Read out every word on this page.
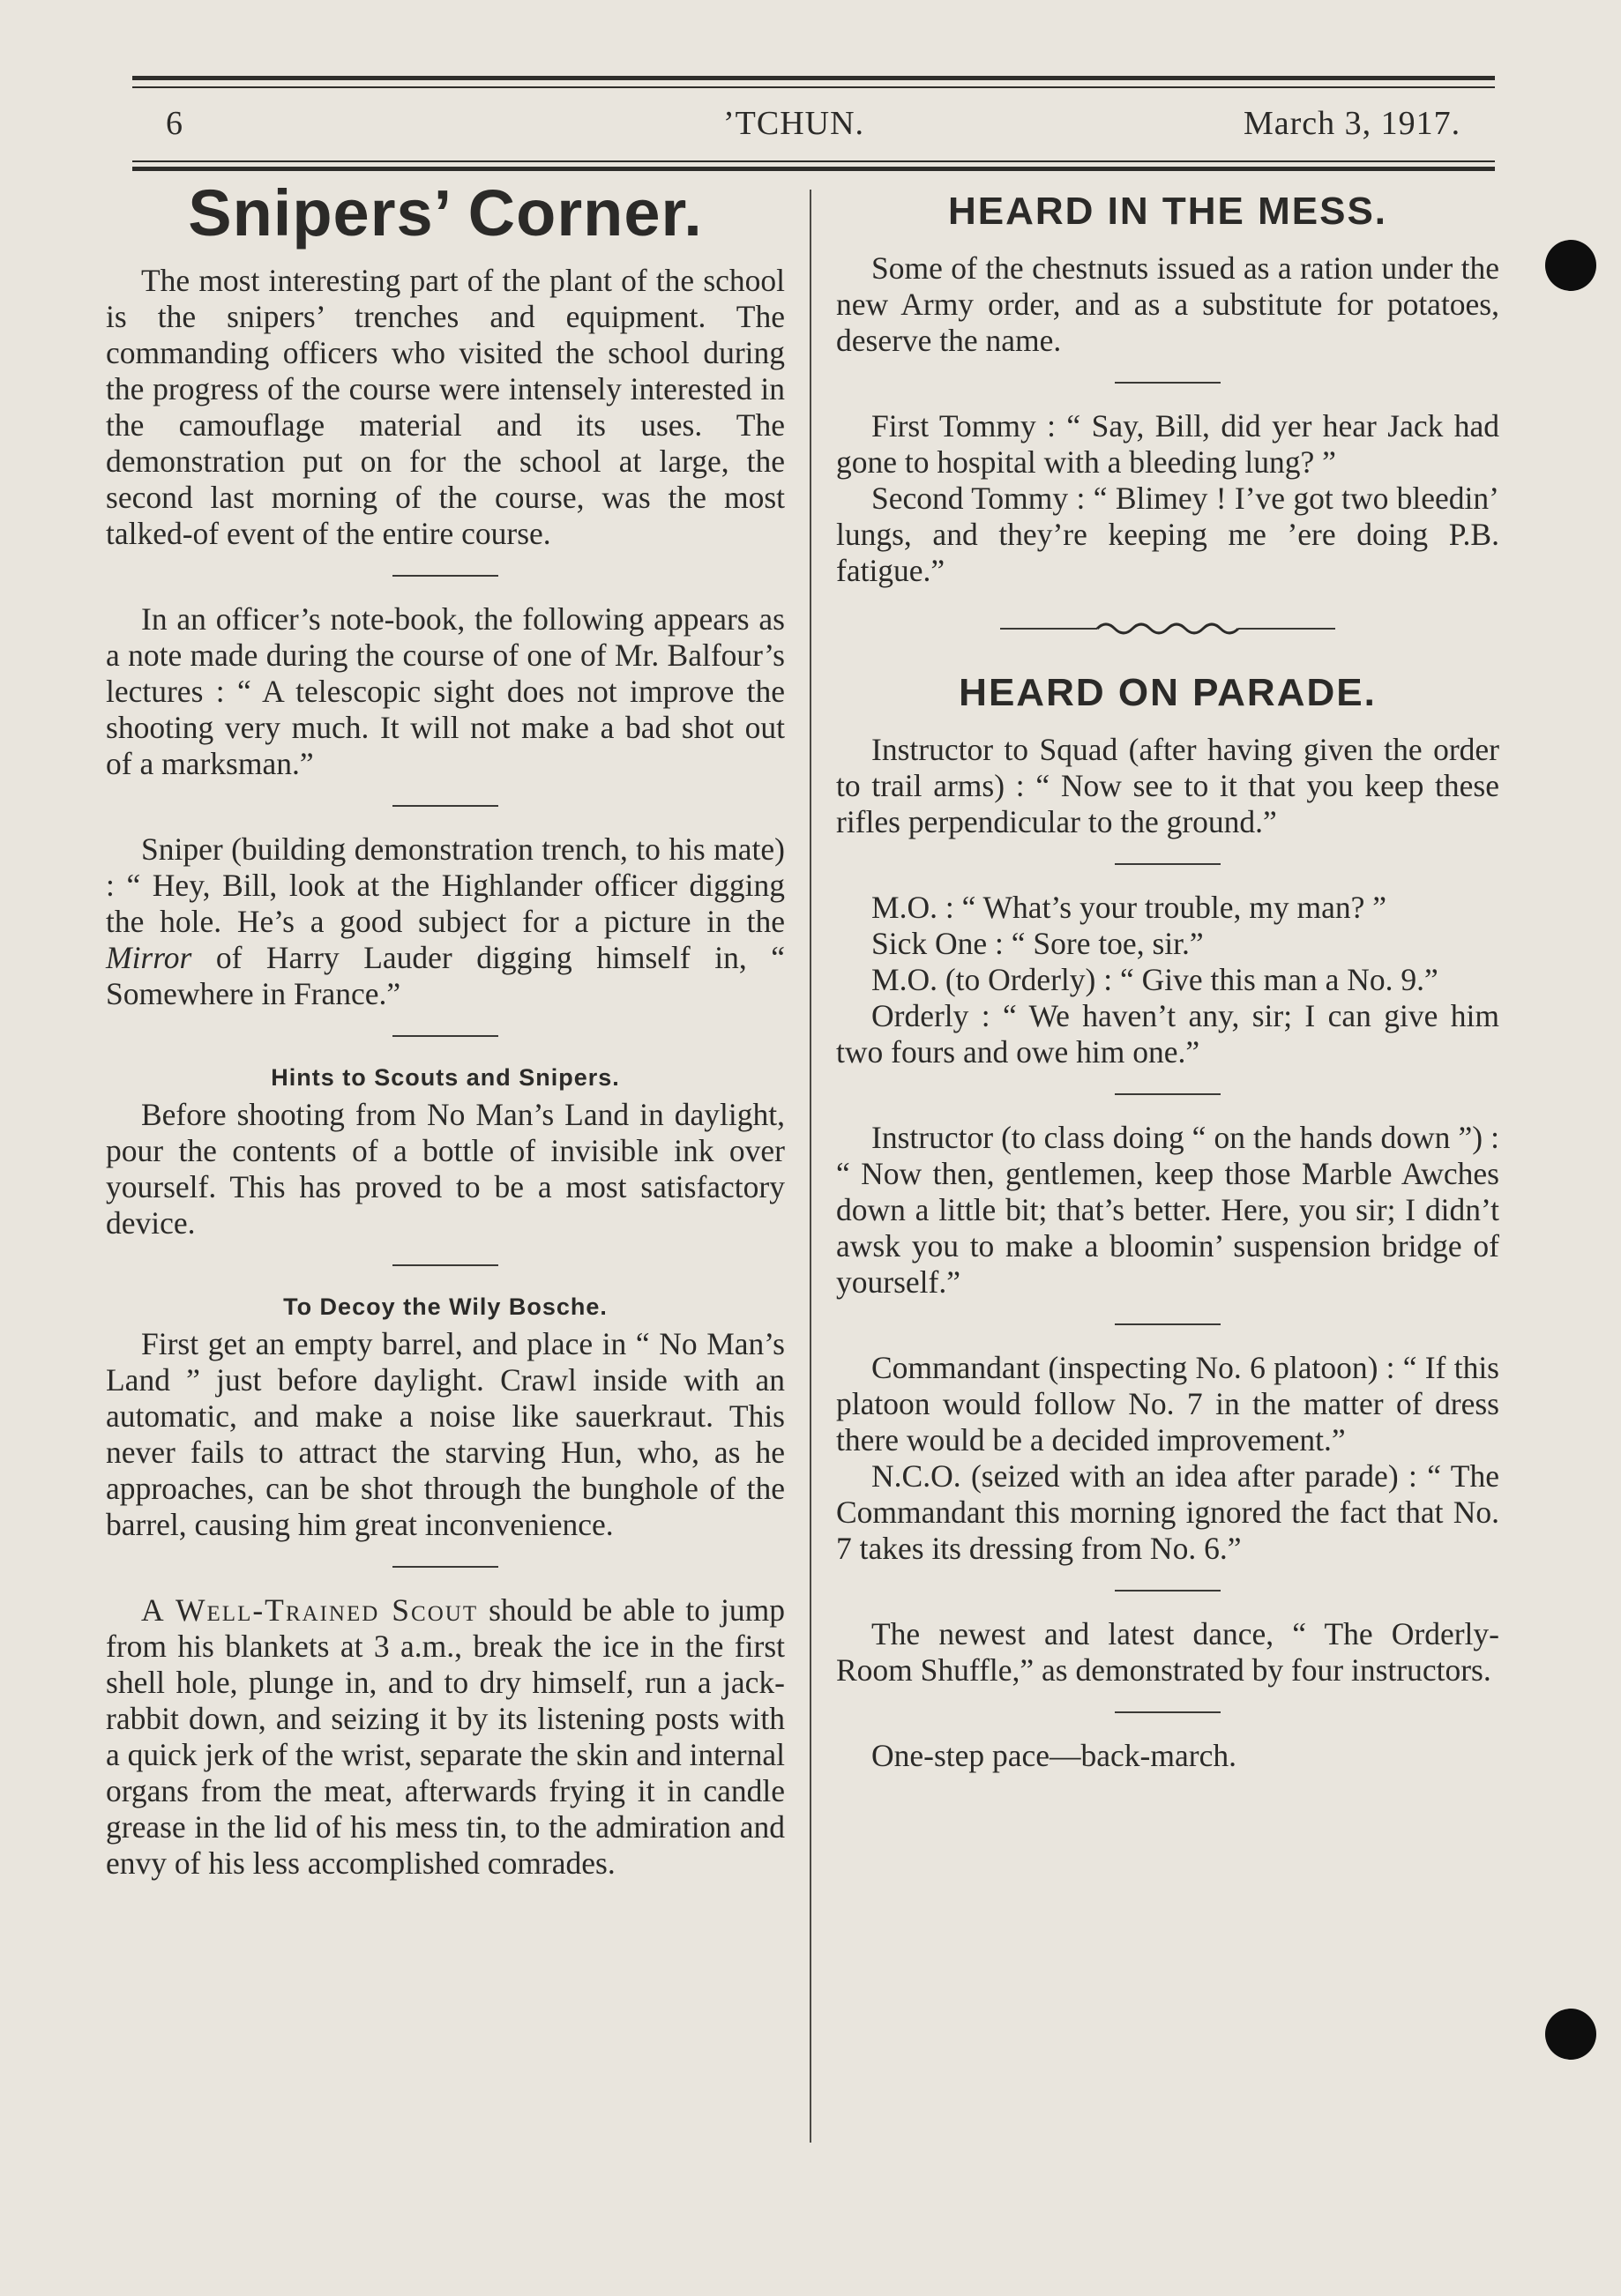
6	’TCHUN.	March 3, 1917.
Snipers’ Corner.

The most interesting part of the plant of the school is the snipers’ trenches and equipment. The commanding officers who visited the school during the progress of the course were intensely interested in the camouflage material and its uses. The demonstration put on for the school at large, the second last morning of the course, was the most talked-of event of the entire course.

In an officer’s note-book, the following appears as a note made during the course of one of Mr. Balfour’s lectures : “ A telescopic sight does not improve the shooting very much. It will not make a bad shot out of a marksman.”

Sniper (building demonstration trench, to his mate) : “ Hey, Bill, look at the Highlander officer digging the hole. He’s a good subject for a picture in the Mirror of Harry Lauder digging himself in, “ Somewhere in France.”

Hints to Scouts and Snipers.

Before shooting from No Man’s Land in daylight, pour the contents of a bottle of invisible ink over yourself. This has proved to be a most satisfactory device.

To Decoy the Wily Bosche.

First get an empty barrel, and place in “ No Man’s Land ” just before daylight. Crawl inside with an automatic, and make a noise like sauerkraut. This never fails to attract the starving Hun, who, as he approaches, can be shot through the bunghole of the barrel, causing him great inconvenience.

A Well-Trained Scout should be able to jump from his blankets at 3 a.m., break the ice in the first shell hole, plunge in, and to dry himself, run a jack-rabbit down, and seizing it by its listening posts with a quick jerk of the wrist, separate the skin and internal organs from the meat, afterwards frying it in candle grease in the lid of his mess tin, to the admiration and envy of his less accomplished comrades.

HEARD IN THE MESS.

Some of the chestnuts issued as a ration under the new Army order, and as a substitute for potatoes, deserve the name.

First Tommy : “ Say, Bill, did yer hear Jack had gone to hospital with a bleeding lung? ”

Second Tommy : “ Blimey ! I’ve got two bleedin’ lungs, and they’re keeping me ’ere doing P.B. fatigue.”

HEARD ON PARADE.

Instructor to Squad (after having given the order to trail arms) : “ Now see to it that you keep these rifles perpendicular to the ground.”

M.O. : “ What’s your trouble, my man? ”

Sick One : “ Sore toe, sir.”

M.O. (to Orderly) : “ Give this man a No. 9.”

Orderly : “ We haven’t any, sir; I can give him two fours and owe him one.”

Instructor (to class doing “ on the hands down ”) : “ Now then, gentlemen, keep those Marble Awches down a little bit; that’s better. Here, you sir; I didn’t awsk you to make a bloomin’ suspension bridge of yourself.”

Commandant (inspecting No. 6 platoon) : “ If this platoon would follow No. 7 in the matter of dress there would be a decided improvement.”

N.C.O. (seized with an idea after parade) : “ The Commandant this morning ignored the fact that No. 7 takes its dressing from No. 6.”

The newest and latest dance, “ The Orderly-Room Shuffle,” as demonstrated by four instructors.

One-step pace—back-march.
